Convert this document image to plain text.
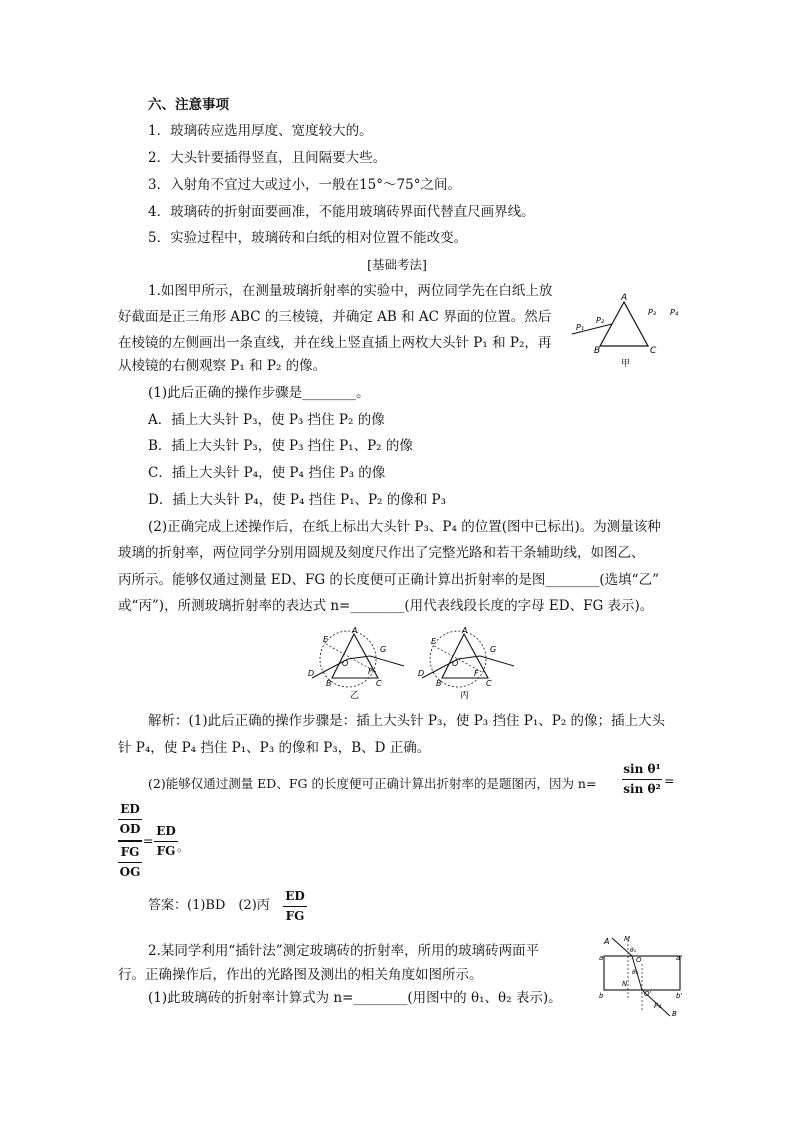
六、注意事项
1．玻璃砖应选用厚度、宽度较大的。
2．大头针要插得竖直，且间隔要大些。
3．入射角不宜过大或过小，一般在15°～75°之间。
4．玻璃砖的折射面要画准，不能用玻璃砖界面代替直尺画界线。
5．实验过程中，玻璃砖和白纸的相对位置不能改变。
[基础考法]
1.如图甲所示，在测量玻璃折射率的实验中，两位同学先在白纸上放
好截面是正三角形 ABC 的三棱镜，并确定 AB 和 AC 界面的位置。然后
在棱镜的左侧画出一条直线，并在线上竖直插上两枚大头针 P₁ 和 P₂，再
从棱镜的右侧观察 P₁ 和 P₂ 的像。
A
B	C
P₁
P₂
P₃ P₄
甲
(1)此后正确的操作步骤是________。
A．插上大头针 P₃，使 P₃ 挡住 P₂ 的像
B．插上大头针 P₃，使 P₃ 挡住 P₁、P₂ 的像
C．插上大头针 P₄，使 P₄ 挡住 P₃ 的像
D．插上大头针 P₄，使 P₄ 挡住 P₁、P₂ 的像和 P₃
(2)正确完成上述操作后，在纸上标出大头针 P₃、P₄ 的位置(图中已标出)。为测量该种
玻璃的折射率，两位同学分别用圆规及刻度尺作出了完整光路和若干条辅助线，如图乙、
丙所示。能够仅通过测量 ED、FG 的长度便可正确计算出折射率的是图________(选填“乙”
或“丙”)，所测玻璃折射率的表达式 n=________(用代表线段长度的字母 ED、FG 表示)。
E
A
O
G
D
B
F
C
乙
E
A
O
G
D
B
F
C
丙
解析：(1)此后正确的操作步骤是：插上大头针 P₃，使 P₃ 挡住 P₁、P₂ 的像；插上大头
针 P₄，使 P₄ 挡住 P₁、P₃ 的像和 P₃，B、D 正确。
(2)能够仅通过测量 ED、FG 的长度便可正确计算出折射率的是题图丙，因为 n=
sin θ¹
sin θ²
=
ED
OD
FG
OG
=
ED
FG 。
答案：(1)BD　(2)丙
ED
FG
2.某同学利用“插针法”测定玻璃砖的折射率，所用的玻璃砖两面平
行。正确操作后，作出的光路图及测出的相关角度如图所示。
(1)此玻璃砖的折射率计算式为 n=________(用图中的 θ₁、θ₂ 表示)。
A M
a	a'
O
b
N
O'	b'
P₄
B
θ₁
θ₂
